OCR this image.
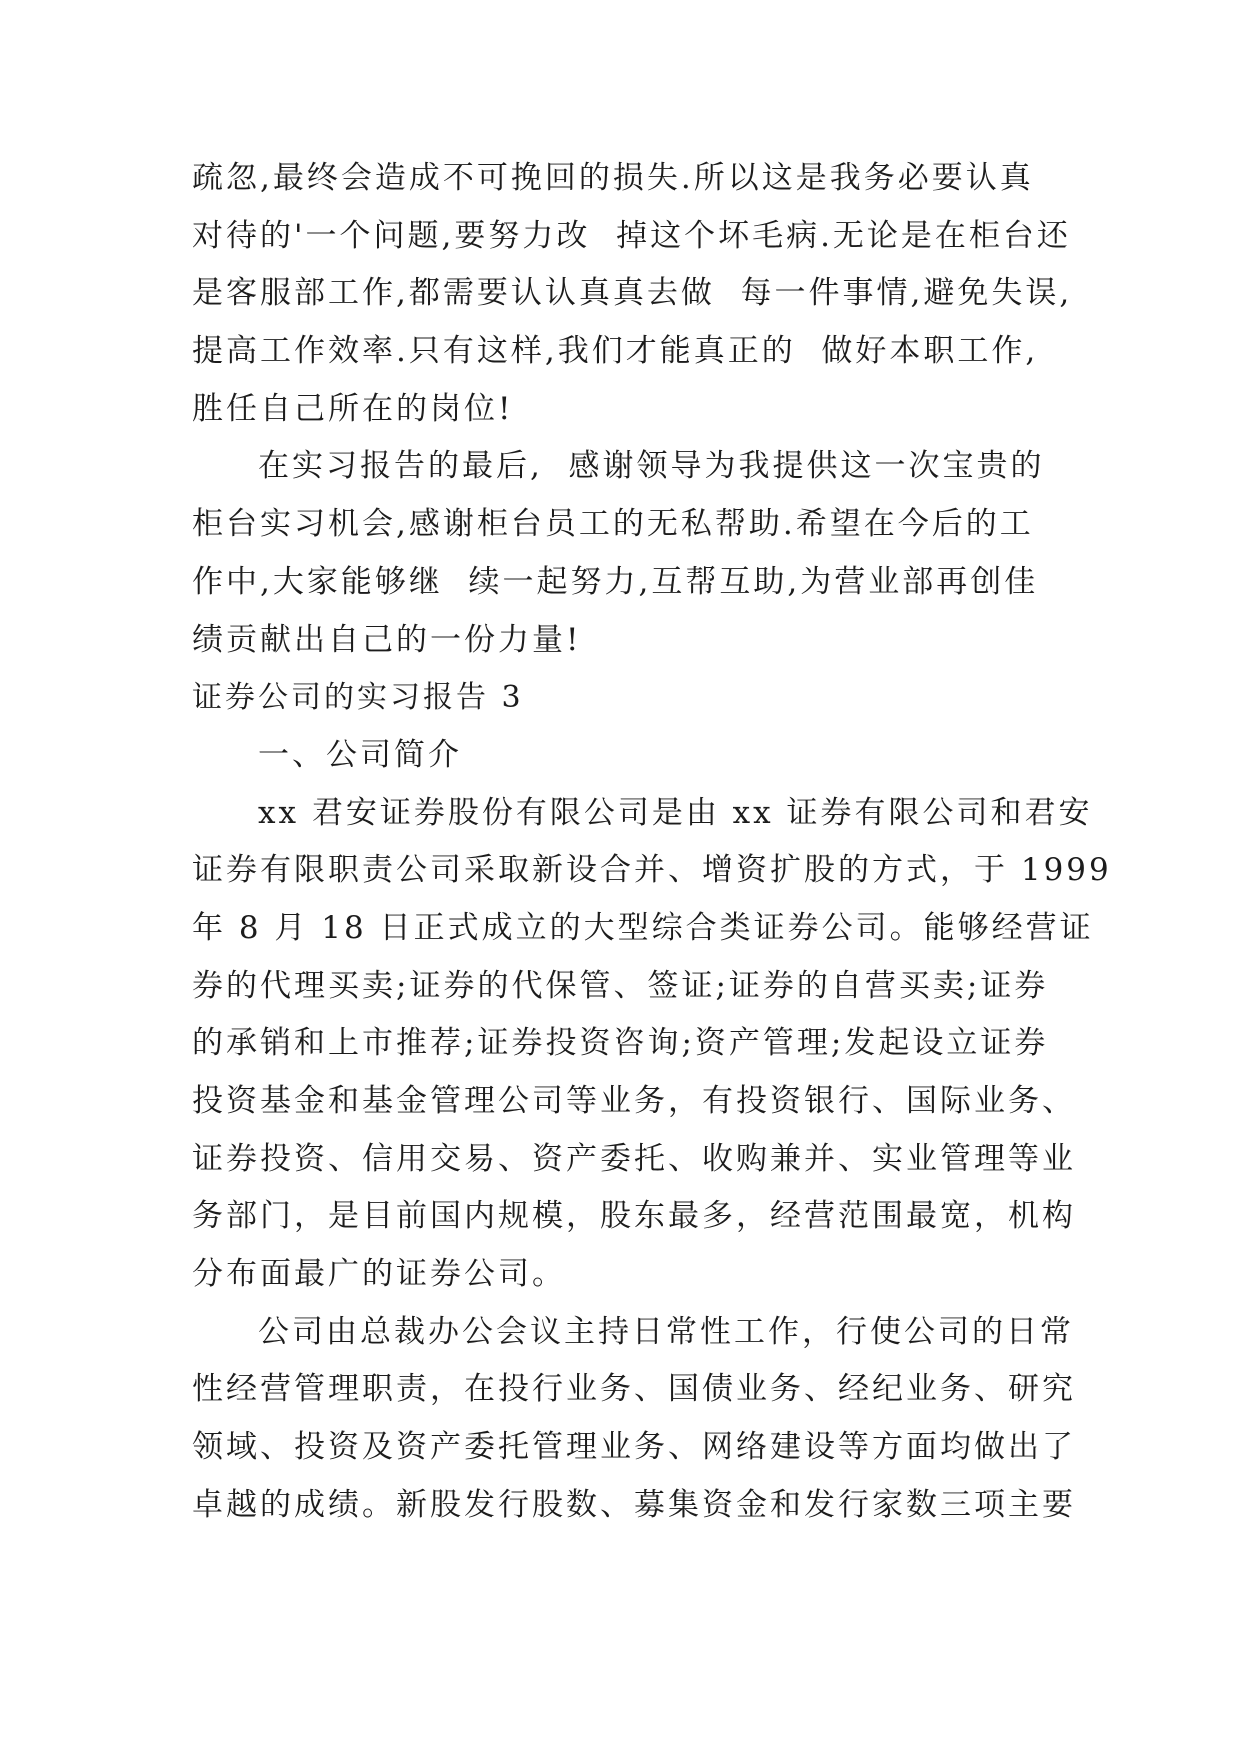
疏忽,最终会造成不可挽回的损失.所以这是我务必要认真
对待的'一个问题,要努力改  掉这个坏毛病.无论是在柜台还
是客服部工作,都需要认认真真去做  每一件事情,避免失误,
提高工作效率.只有这样,我们才能真正的  做好本职工作,
胜任自己所在的岗位!
在实习报告的最后,  感谢领导为我提供这一次宝贵的
柜台实习机会,感谢柜台员工的无私帮助.希望在今后的工
作中,大家能够继  续一起努力,互帮互助,为营业部再创佳
绩贡献出自己的一份力量!
证券公司的实习报告 3
一、公司简介
xx 君安证券股份有限公司是由 xx 证券有限公司和君安
证券有限职责公司采取新设合并、增资扩股的方式，于 1999
年 8 月 18 日正式成立的大型综合类证券公司。能够经营证
券的代理买卖;证券的代保管、签证;证券的自营买卖;证券
的承销和上市推荐;证券投资咨询;资产管理;发起设立证券
投资基金和基金管理公司等业务，有投资银行、国际业务、
证券投资、信用交易、资产委托、收购兼并、实业管理等业
务部门，是目前国内规模，股东最多，经营范围最宽，机构
分布面最广的证券公司。
公司由总裁办公会议主持日常性工作，行使公司的日常
性经营管理职责，在投行业务、国债业务、经纪业务、研究
领域、投资及资产委托管理业务、网络建设等方面均做出了
卓越的成绩。新股发行股数、募集资金和发行家数三项主要
